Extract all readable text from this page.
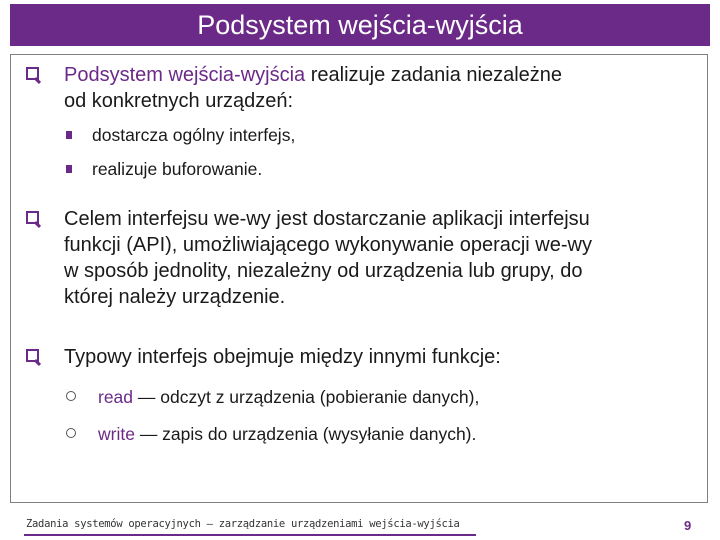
Podsystem wejścia-wyjścia
Podsystem wejścia-wyjścia realizuje zadania niezależne
od konkretnych urządzeń:
dostarcza ogólny interfejs,
realizuje buforowanie.
Celem interfejsu we-wy jest dostarczanie aplikacji interfejsu
funkcji (API), umożliwiającego wykonywanie operacji we-wy
w sposób jednolity, niezależny od urządzenia lub grupy, do
której należy urządzenie.
Typowy interfejs obejmuje między innymi funkcje:
read — odczyt z urządzenia (pobieranie danych),
write — zapis do urządzenia (wysyłanie danych).
Zadania systemów operacyjnych – zarządzanie urządzeniami wejścia-wyjścia	9
